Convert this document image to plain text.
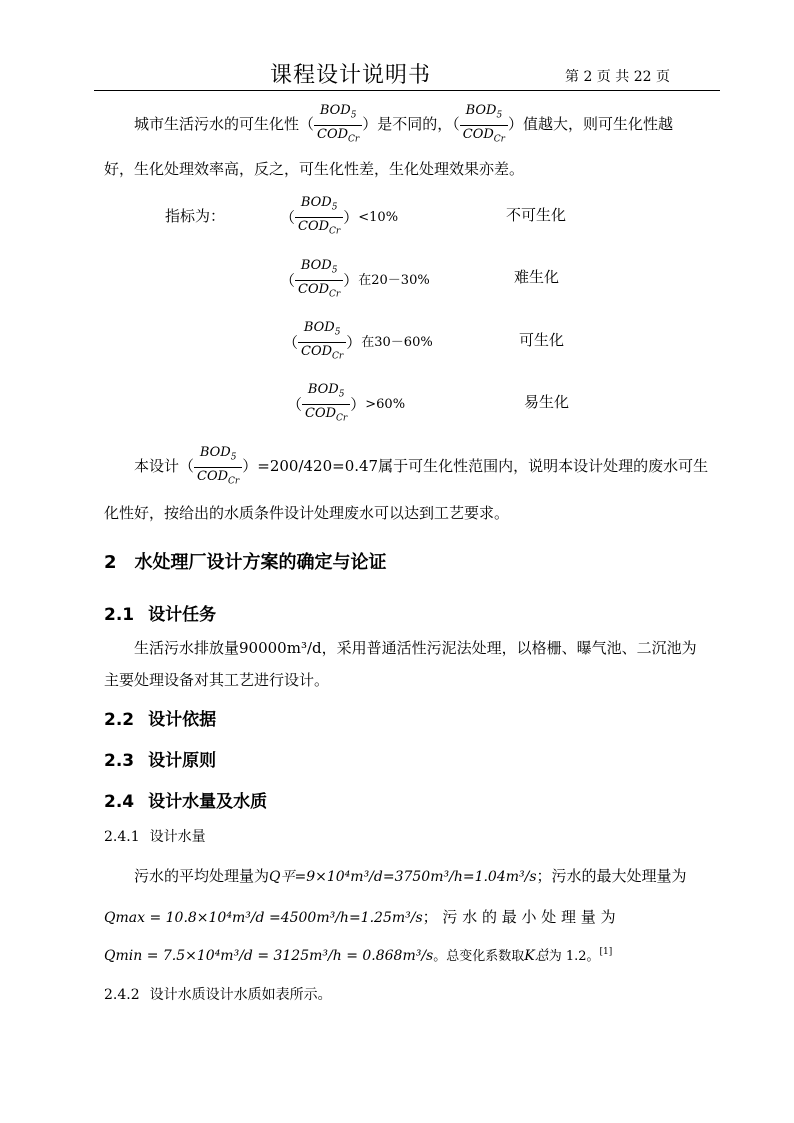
课程设计说明书	第 2 页 共 22 页
城市生活污水的可生化性（ $\frac{BOD_5}{COD_{Cr}}$ ）是不同的，（ $\frac{BOD_5}{COD_{Cr}}$ ）值越大，则可生化性越
好，生化处理效率高，反之，可生化性差，生化处理效果亦差。
指标为：	（ $\frac{BOD_5}{COD_{Cr}} )<10\%$	不可生化
（ $\frac{BOD_5}{COD_{Cr}}$ ）在20－30%	难生化
（ $\frac{BOD_5}{COD_{Cr}}$ ）在30－60%	可生化
（ $\frac{BOD_5}{COD_{Cr}} )>60\%$	易生化
本设计（ $\frac{BOD_5}{COD_{Cr}} )=200/420=0.47$属于可生化性范围内，说明本设计处理的废水可生
化性好，按给出的水质条件设计处理废水可以达到工艺要求。
2 水处理厂设计方案的确定与论证
2.1 设计任务
生活污水排放量90000m³/d，采用普通活性污泥法处理，以格栅、曝气池、二沉池为
主要处理设备对其工艺进行设计。
2.2 设计依据
2.3 设计原则
2.4 设计水量及水质
2.4.1 设计水量
污水的平均处理量为Q平=9×10⁴m³/d=3750m³/h=1.04m³/s；污水的最大处理量为
Qmax = 10.8×10⁴m³/d =4500m³/h=1.25m³/s； 污 水 的 最 小 处 理 量 为
Qmin = 7.5×10⁴m³/d = 3125m³/h = 0.868m³/s。总变化系数取K总为 1.2。[1]
2.4.2 设计水质设计水质如表所示。
